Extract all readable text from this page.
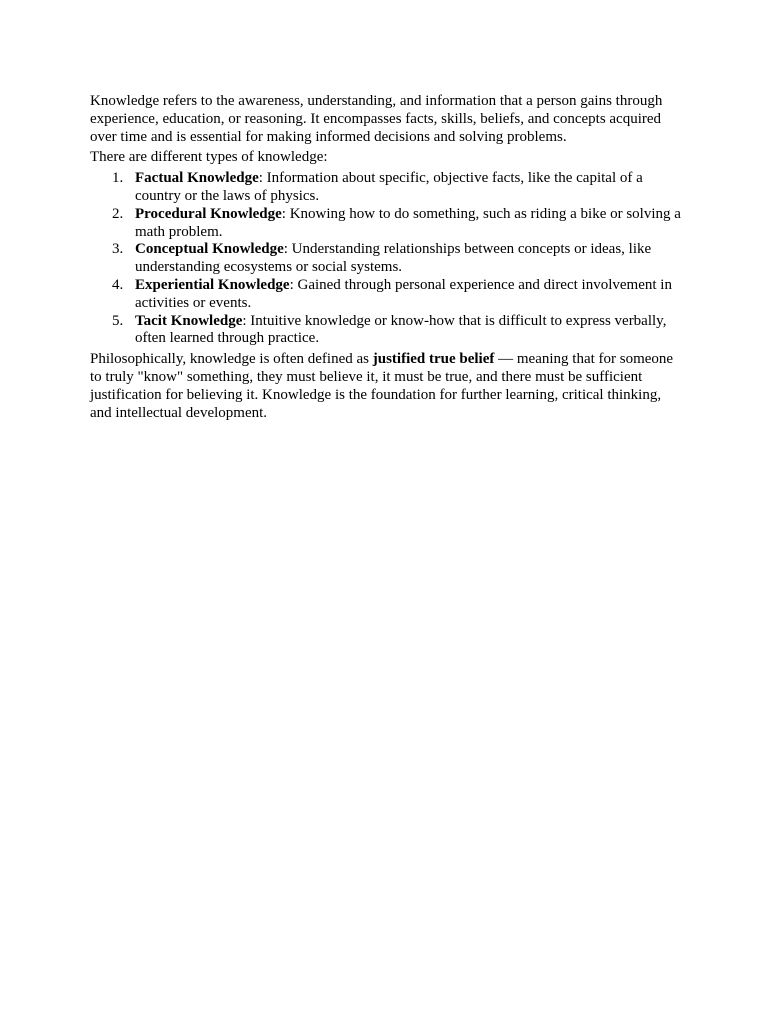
Knowledge refers to the awareness, understanding, and information that a person gains through experience, education, or reasoning. It encompasses facts, skills, beliefs, and concepts acquired over time and is essential for making informed decisions and solving problems.

There are different types of knowledge:

1. Factual Knowledge: Information about specific, objective facts, like the capital of a country or the laws of physics.
2. Procedural Knowledge: Knowing how to do something, such as riding a bike or solving a math problem.
3. Conceptual Knowledge: Understanding relationships between concepts or ideas, like understanding ecosystems or social systems.
4. Experiential Knowledge: Gained through personal experience and direct involvement in activities or events.
5. Tacit Knowledge: Intuitive knowledge or know-how that is difficult to express verbally, often learned through practice.

Philosophically, knowledge is often defined as justified true belief — meaning that for someone to truly "know" something, they must believe it, it must be true, and there must be sufficient justification for believing it. Knowledge is the foundation for further learning, critical thinking, and intellectual development.
